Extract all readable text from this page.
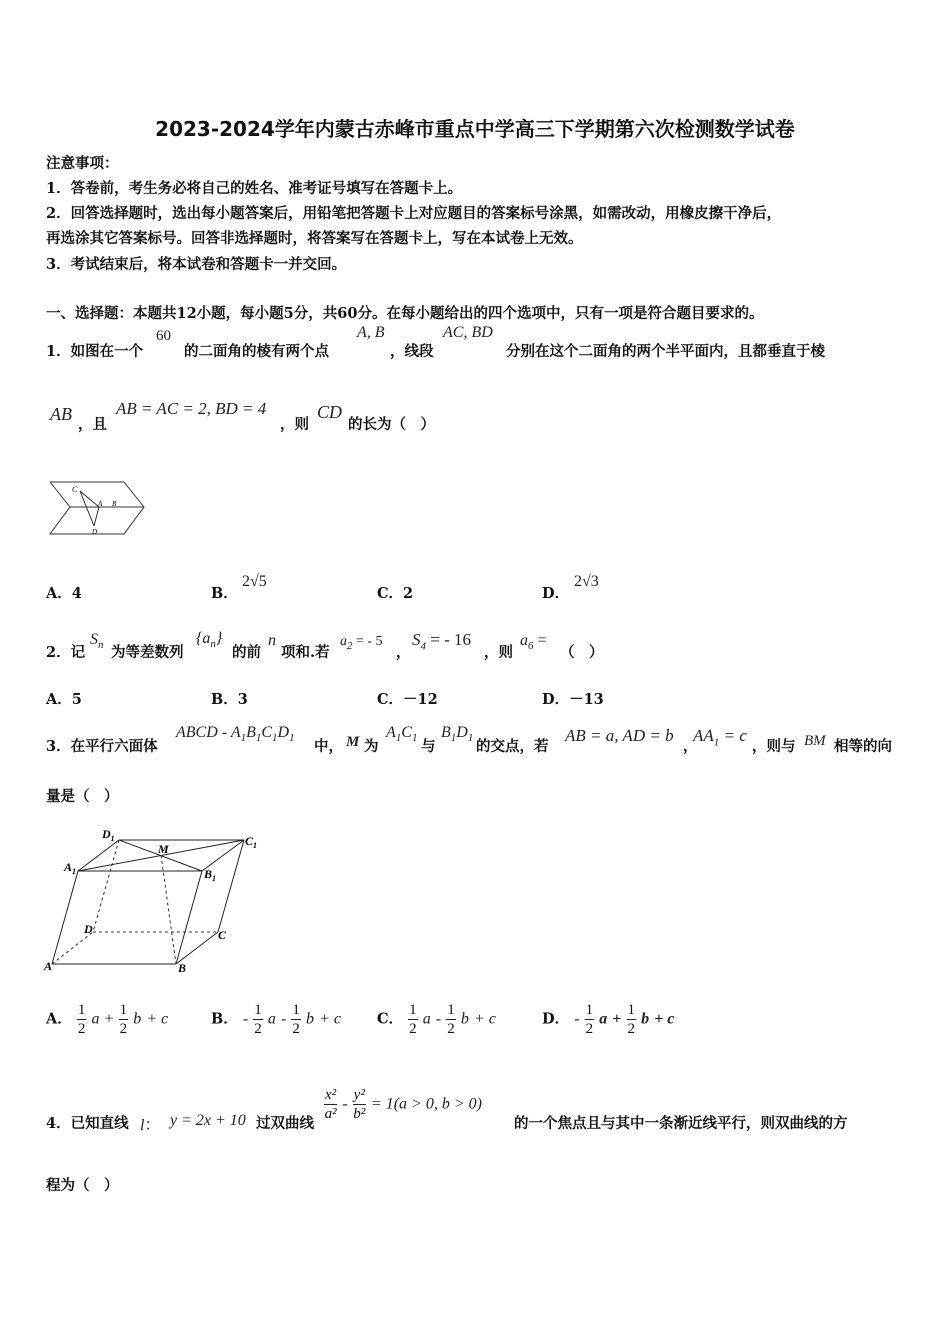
2023-2024学年内蒙古赤峰市重点中学高三下学期第六次检测数学试卷
注意事项：
1．答卷前，考生务必将自己的姓名、准考证号填写在答题卡上。
2．回答选择题时，选出每小题答案后，用铅笔把答题卡上对应题目的答案标号涂黑，如需改动，用橡皮擦干净后，
再选涂其它答案标号。回答非选择题时，将答案写在答题卡上，写在本试卷上无效。
3．考试结束后，将本试卷和答题卡一并交回。
一、选择题：本题共12小题，每小题5分，共60分。在每小题给出的四个选项中，只有一项是符合题目要求的。
1．如图在一个
60
的二面角的棱有两个点
A, B
，线段
AC, BD
分别在这个二面角的两个半平面内，且都垂直于棱
AB
，且
AB = AC = 2, BD = 4
，则
CD
的长为（　）
C
A B
D
A．4	B．
2√5
C．2	D．
2√3
2．记
$S_n$ 为等差数列
$\{a_n\}$
的前
n
项和.若
$a_2$ = - 5
，
$S_4$ = - 16
，则
$a_6$ =
（　）
A．5	B．3	C．－12	D．－13
3．在平行六面体
ABCD - $A_1B_1C_1D_1$ 中， M 为
$A_1C_1$ 与
$B_1D_1$ 的交点，若
AB = a, AD = b
，
$AA_1 = c$
，则与 BM 相等的向
量是（　）
$D_1$	$C_1$
$A_1$	$B_1$
M
D	C
A	B
A． $\frac{1}{2}$ $a + \frac{1}{2}$ b + c	B． - $\frac{1}{2}$ a - $\frac{1}{2}$ b + c C． $\frac{1}{2}$ a - $\frac{1}{2}$ b + c	D． - $\frac{1}{2}$ $a + \frac{1}{2}$ b + c
4．已知直线 l： y = 2x + 10 过双曲线
$\frac{\text{x²}}{\text{a²}} - \frac{\text{y²}}{\text{b²}} = 1(a > 0$, b > 0)
的一个焦点且与其中一条渐近线平行，则双曲线的方
程为（　）
